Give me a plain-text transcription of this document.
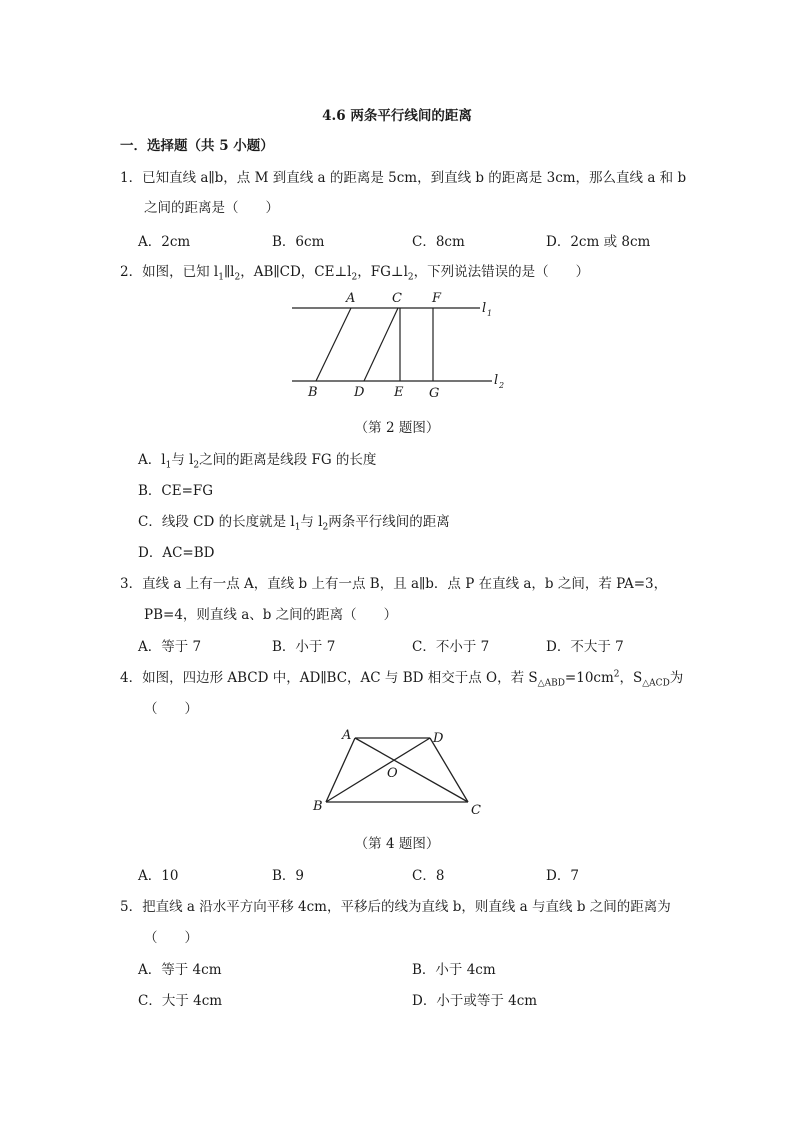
4.6 两条平行线间的距离
一．选择题（共 5 小题）
1．已知直线 a∥b，点 M 到直线 a 的距离是 5cm，到直线 b 的距离是 3cm，那么直线 a 和 b
之间的距离是（　　）
A．2cm	B．6cm	C．8cm	D．2cm 或 8cm
2．如图，已知 $l_1\parallel l_2$，AB∥CD，$CE\perp l_2$，$FG\perp l_2$，下列说法错误的是（　　）
A	C F
l 1
l 2
B	D E G
（第 2 题图）
A．$l_1$与 $l_2$之间的距离是线段 FG 的长度
B．CE=FG
C．线段 CD 的长度就是 $l_1$与 $l_2$两条平行线间的距离
D．AC=BD
3．直线 a 上有一点 A，直线 b 上有一点 B，且 a∥b．点 P 在直线 a，b 之间，若 PA=3，
PB=4，则直线 a、b 之间的距离（　　）
A．等于 7	B．小于 7	C．不小于 7	D．不大于 7
4．如图，四边形 ABCD 中，AD∥BC，AC 与 BD 相交于点 O，若 $S_{\triangle ABD}=10cm^2$，$S_{\triangle ACD}$为
（　　）
A	D
O
B	C
（第 4 题图）
A．10	B．9	C．8	D．7
5．把直线 a 沿水平方向平移 4cm，平移后的线为直线 b，则直线 a 与直线 b 之间的距离为
（　　）
A．等于 4cm	B．小于 4cm
C．大于 4cm	D．小于或等于 4cm
